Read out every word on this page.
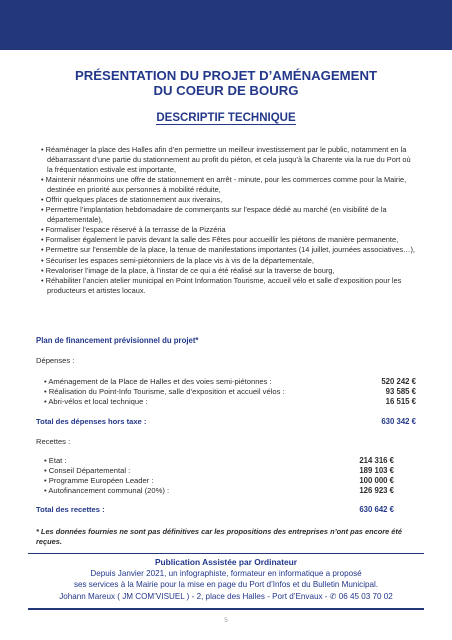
PRÉSENTATION DU PROJET D’AMÉNAGEMENT
DU COEUR DE BOURG
DESCRIPTIF TECHNIQUE
• Réaménager la place des Halles afin d’en permettre un meilleur investissement par le public, notamment en la débarrassant d’une partie du stationnement au profit du piéton, et cela jusqu’à la Charente via la rue du Port où la fréquentation estivale est importante,
• Maintenir néanmoins une offre de stationnement en arrêt - minute, pour les commerces comme pour la Mairie, destinée en priorité aux personnes à mobilité réduite,
• Offrir quelques places de stationnement aux riverains,
• Permettre l’implantation hebdomadaire de commerçants sur l’espace dédié au marché (en visibilité de la départementale),
• Formaliser l’espace réservé à la terrasse de la Pizzéria
• Formaliser également le parvis devant la salle des Fêtes pour accueillir les piétons de manière permanente,
• Permettre sur l’ensemble de la place, la tenue de manifestations importantes (14 juillet, journées associatives…),
• Sécuriser les espaces semi-piétonniers de la place vis à vis de la départementale,
• Revaloriser l’image de la place, à l’instar de ce qui a été réalisé sur la traverse de bourg,
• Réhabiliter l’ancien atelier municipal en Point Information Tourisme, accueil vélo et salle d’exposition pour les producteurs et artistes locaux.
Plan de financement prévisionnel du projet*
Dépenses :
• Aménagement de la Place de Halles et des voies semi-piétonnes :
• Réalisation du Point-Info Tourisme, salle d’exposition et accueil vélos :
• Abri-vélos et local technique :
520 242 €
93 585 €
16 515 €
Total des dépenses hors taxe :	630 342 €
Recettes :
• Etat :
• Conseil Départemental :
• Programme Européen Leader :
• Autofinancement communal (20%) :
214 316 €
189 103 €
100 000 €
126 923 €
Total des recettes :	630 642 €
* Les données fournies ne sont pas définitives car les propositions des entreprises n’ont pas encore été reçues.
Publication Assistée par Ordinateur
Depuis Janvier 2021, un infographiste, formateur en informatique a proposé
ses services à la Mairie pour la mise en page du Port d’Infos et du Bulletin Municipal.
Johann Mareux ( JM COM’VISUEL ) - 2, place des Halles - Port d’Envaux - ✆ 06 45 03 70 02
5
